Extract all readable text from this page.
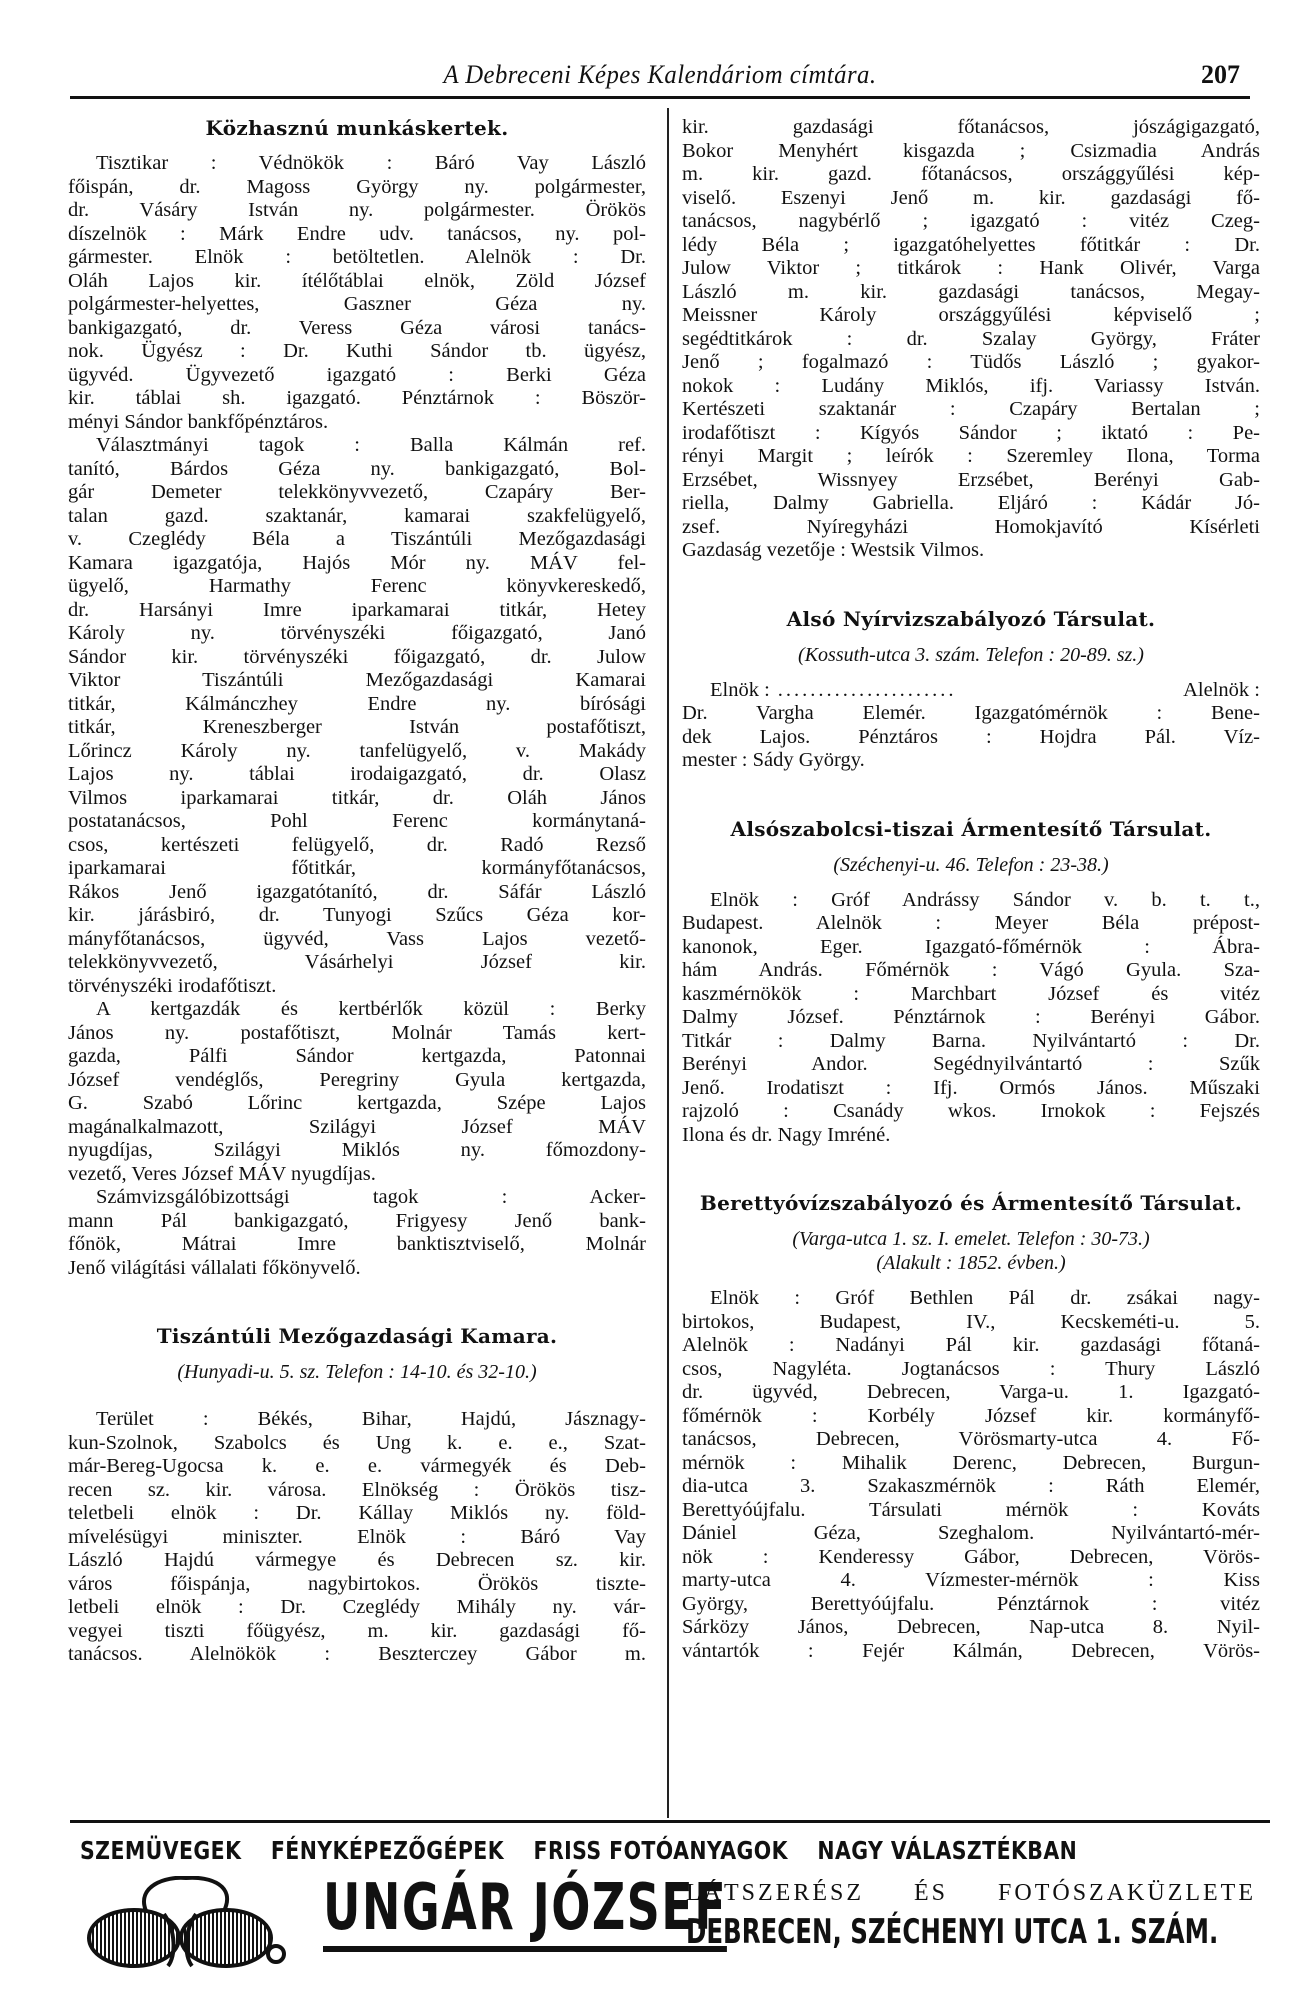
A Debreceni Képes Kalendáriom címtára.	207
Közhasznú munkáskertek.
Tisztikar : Védnökök : Báró Vay László
főispán, dr. Magoss György ny. polgármester,
dr. Vásáry István ny. polgármester. Örökös
díszelnök : Márk Endre udv. tanácsos, ny. pol-
gármester. Elnök : betöltetlen. Alelnök : Dr.
Oláh Lajos kir. ítélőtáblai elnök, Zöld József
polgármester-helyettes, Gaszner Géza ny.
bankigazgató, dr. Veress Géza városi tanács-
nok. Ügyész : Dr. Kuthi Sándor tb. ügyész,
ügyvéd. Ügyvezető igazgató : Berki Géza
kir. táblai sh. igazgató. Pénztárnok : Böször-
ményi Sándor bankfőpénztáros.
Választmányi tagok : Balla Kálmán ref.
tanító, Bárdos Géza ny. bankigazgató, Bol-
gár Demeter telekkönyvvezető, Czapáry Ber-
talan gazd. szaktanár, kamarai szakfelügyelő,
v. Czeglédy Béla a Tiszántúli Mezőgazdasági
Kamara igazgatója, Hajós Mór ny. MÁV fel-
ügyelő, Harmathy Ferenc könyvkereskedő,
dr. Harsányi Imre iparkamarai titkár, Hetey
Károly ny. törvényszéki főigazgató, Janó
Sándor kir. törvényszéki főigazgató, dr. Julow
Viktor Tiszántúli Mezőgazdasági Kamarai
titkár, Kálmánczhey Endre ny. bírósági
titkár, Kreneszberger István postafőtiszt,
Lőrincz Károly ny. tanfelügyelő, v. Makády
Lajos ny. táblai irodaigazgató, dr. Olasz
Vilmos iparkamarai titkár, dr. Oláh János
postatanácsos, Pohl Ferenc kormánytaná-
csos, kertészeti felügyelő, dr. Radó Rezső
iparkamarai főtitkár, kormányfőtanácsos,
Rákos Jenő igazgatótanító, dr. Sáfár László
kir. járásbiró, dr. Tunyogi Szűcs Géza kor-
mányfőtanácsos, ügyvéd, Vass Lajos vezető-
telekkönyvvezető, Vásárhelyi József kir.
törvényszéki irodafőtiszt.
A kertgazdák és kertbérlők közül : Berky
János ny. postafőtiszt, Molnár Tamás kert-
gazda, Pálfi Sándor kertgazda, Patonnai
József vendéglős, Peregriny Gyula kertgazda,
G. Szabó Lőrinc kertgazda, Szépe Lajos
magánalkalmazott, Szilágyi József MÁV
nyugdíjas, Szilágyi Miklós ny. főmozdony-
vezető, Veres József MÁV nyugdíjas.
Számvizsgálóbizottsági tagok : Acker-
mann Pál bankigazgató, Frigyesy Jenő bank-
főnök, Mátrai Imre banktisztviselő, Molnár
Jenő világítási vállalati főkönyvelő.
Tiszántúli Mezőgazdasági Kamara.
(Hunyadi-u. 5. sz. Telefon : 14-10. és 32-10.)
Terület : Békés, Bihar, Hajdú, Jásznagy-
kun-Szolnok, Szabolcs és Ung k. e. e., Szat-
már-Bereg-Ugocsa k. e. e. vármegyék és Deb-
recen sz. kir. városa. Elnökség : Örökös tisz-
teletbeli elnök : Dr. Kállay Miklós ny. föld-
mívelésügyi miniszter. Elnök : Báró Vay
László Hajdú vármegye és Debrecen sz. kir.
város főispánja, nagybirtokos. Örökös tiszte-
letbeli elnök : Dr. Czeglédy Mihály ny. vár-
vegyei tiszti főügyész, m. kir. gazdasági fő-
tanácsos. Alelnökök : Beszterczey Gábor m.
kir. gazdasági főtanácsos, jószágigazgató,
Bokor Menyhért kisgazda ; Csizmadia András
m. kir. gazd. főtanácsos, országgyűlési kép-
viselő. Eszenyi Jenő m. kir. gazdasági fő-
tanácsos, nagybérlő ; igazgató : vitéz Czeg-
lédy Béla ; igazgatóhelyettes főtitkár : Dr.
Julow Viktor ; titkárok : Hank Olivér, Varga
László m. kir. gazdasági tanácsos, Megay-
Meissner Károly országgyűlési képviselő ;
segédtitkárok : dr. Szalay György, Fráter
Jenő ; fogalmazó : Tüdős László ; gyakor-
nokok : Ludány Miklós, ifj. Variassy István.
Kertészeti szaktanár : Czapáry Bertalan ;
irodafőtiszt : Kígyós Sándor ; iktató : Pe-
rényi Margit ; leírók : Szeremley Ilona, Torma
Erzsébet, Wissnyey Erzsébet, Berényi Gab-
riella, Dalmy Gabriella. Eljáró : Kádár Jó-
zsef. Nyíregyházi Homokjavító Kísérleti
Gazdaság vezetője : Westsik Vilmos.
Alsó Nyírvizszabályozó Társulat.
(Kossuth-utca 3. szám. Telefon : 20-89. sz.)
Elnök : ......................	Alelnök :
Dr. Vargha Elemér. Igazgatómérnök : Bene-
dek Lajos. Pénztáros : Hojdra Pál. Víz-
mester : Sády György.
Alsószabolcsi-tiszai Ármentesítő Társulat.
(Széchenyi-u. 46. Telefon : 23-38.)
Elnök : Gróf Andrássy Sándor v. b. t. t.,
Budapest. Alelnök : Meyer Béla prépost-
kanonok, Eger. Igazgató-főmérnök : Ábra-
hám András. Főmérnök : Vágó Gyula. Sza-
kaszmérnökök : Marchbart József és vitéz
Dalmy József. Pénztárnok : Berényi Gábor.
Titkár : Dalmy Barna. Nyilvántartó : Dr.
Berényi Andor. Segédnyilvántartó : Szűk
Jenő. Irodatiszt : Ifj. Ormós János. Műszaki
rajzoló : Csanády wkos. Irnokok : Fejszés
Ilona és dr. Nagy Imréné.
Berettyóvízszabályozó és Ármentesítő Társulat.
(Varga-utca 1. sz. I. emelet. Telefon : 30-73.)
(Alakult : 1852. évben.)
Elnök : Gróf Bethlen Pál dr. zsákai nagy-
birtokos, Budapest, IV., Kecskeméti-u. 5.
Alelnök : Nadányi Pál kir. gazdasági főtaná-
csos, Nagyléta. Jogtanácsos : Thury László
dr. ügyvéd, Debrecen, Varga-u. 1. Igazgató-
főmérnök : Korbély József kir. kormányfő-
tanácsos, Debrecen, Vörösmarty-utca 4. Fő-
mérnök : Mihalik Derenc, Debrecen, Burgun-
dia-utca 3. Szakaszmérnök : Ráth Elemér,
Berettyóújfalu. Társulati mérnök : Kováts
Dániel Géza, Szeghalom. Nyilvántartó-mér-
nök : Kenderessy Gábor, Debrecen, Vörös-
marty-utca 4. Vízmester-mérnök : Kiss
György, Berettyóújfalu. Pénztárnok : vitéz
Sárközy János, Debrecen, Nap-utca 8. Nyil-
vántartók : Fejér Kálmán, Debrecen, Vörös-
SZEMÜVEGEK FÉNYKÉPEZŐGÉPEK FRISS FOTÓANYAGOK NAGY VÁLASZTÉKBAN
UNGÁR JÓZSEF
LÁTSZERÉSZ ÉS FOTÓSZAKÜZLETE
DEBRECEN, SZÉCHENYI UTCA 1. SZÁM.
